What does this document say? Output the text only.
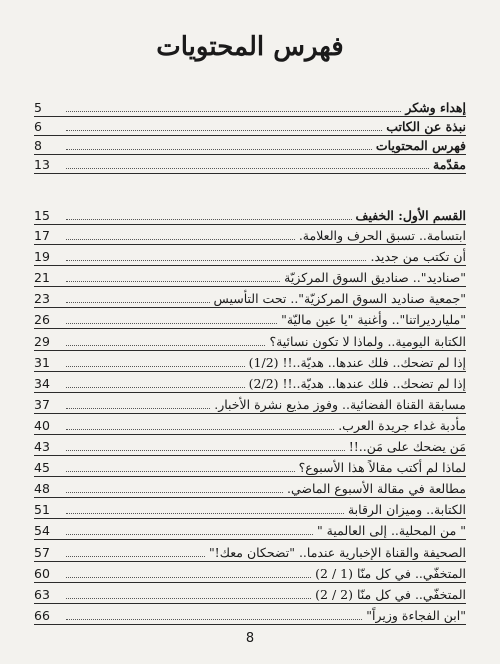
فهرس المحتويات
5	إهداء وشكر
6	نبذة عن الكاتب
8	فهرس المحتويات
13	مقدّمة
15	القسم الأول: الخفيف
17	ابتسامة.. تسبق الحرف والعلامة.
19	أن تكتب من جديد.
21	"صناديد".. صناديق السوق المركزيّة
23	"جمعية صناديد السوق المركزيّة".. تحت التأسيس
26	"مليارديراتنا".. وأغنية "يا عين ماليّة"
29	الكتابة اليومية.. ولماذا لا تكون نسائية؟
31	إذا لم تضحك.. فلك عندها.. هديّة..!! (1/2)
34	إذا لم تضحك.. فلك عندها.. هديّة..!! (2/2)
37	مسابقة القناة الفضائية.. وفوز مذيع نشرة الأخبار.
40	مأدبة غداء جريدة العرب.
43	مَن يضحك على مَن..!!
45	لماذا لم أكتب مقالاً هذا الأسبوع؟
48	مطالعة في مقالة الأسبوع الماضي.
51	الكتابة.. وميزان الرقابة
54	" من المحلية.. إلى العالمية "
57	الصحيفة والقناة الإخبارية عندما.. "تضحكان معك!"
60	المتخفّي.. في كل منّا (1 / 2)
63	المتخفّي.. في كل منّا (2 / 2)
66	"ابن الفجاءة وزيراً"
8
